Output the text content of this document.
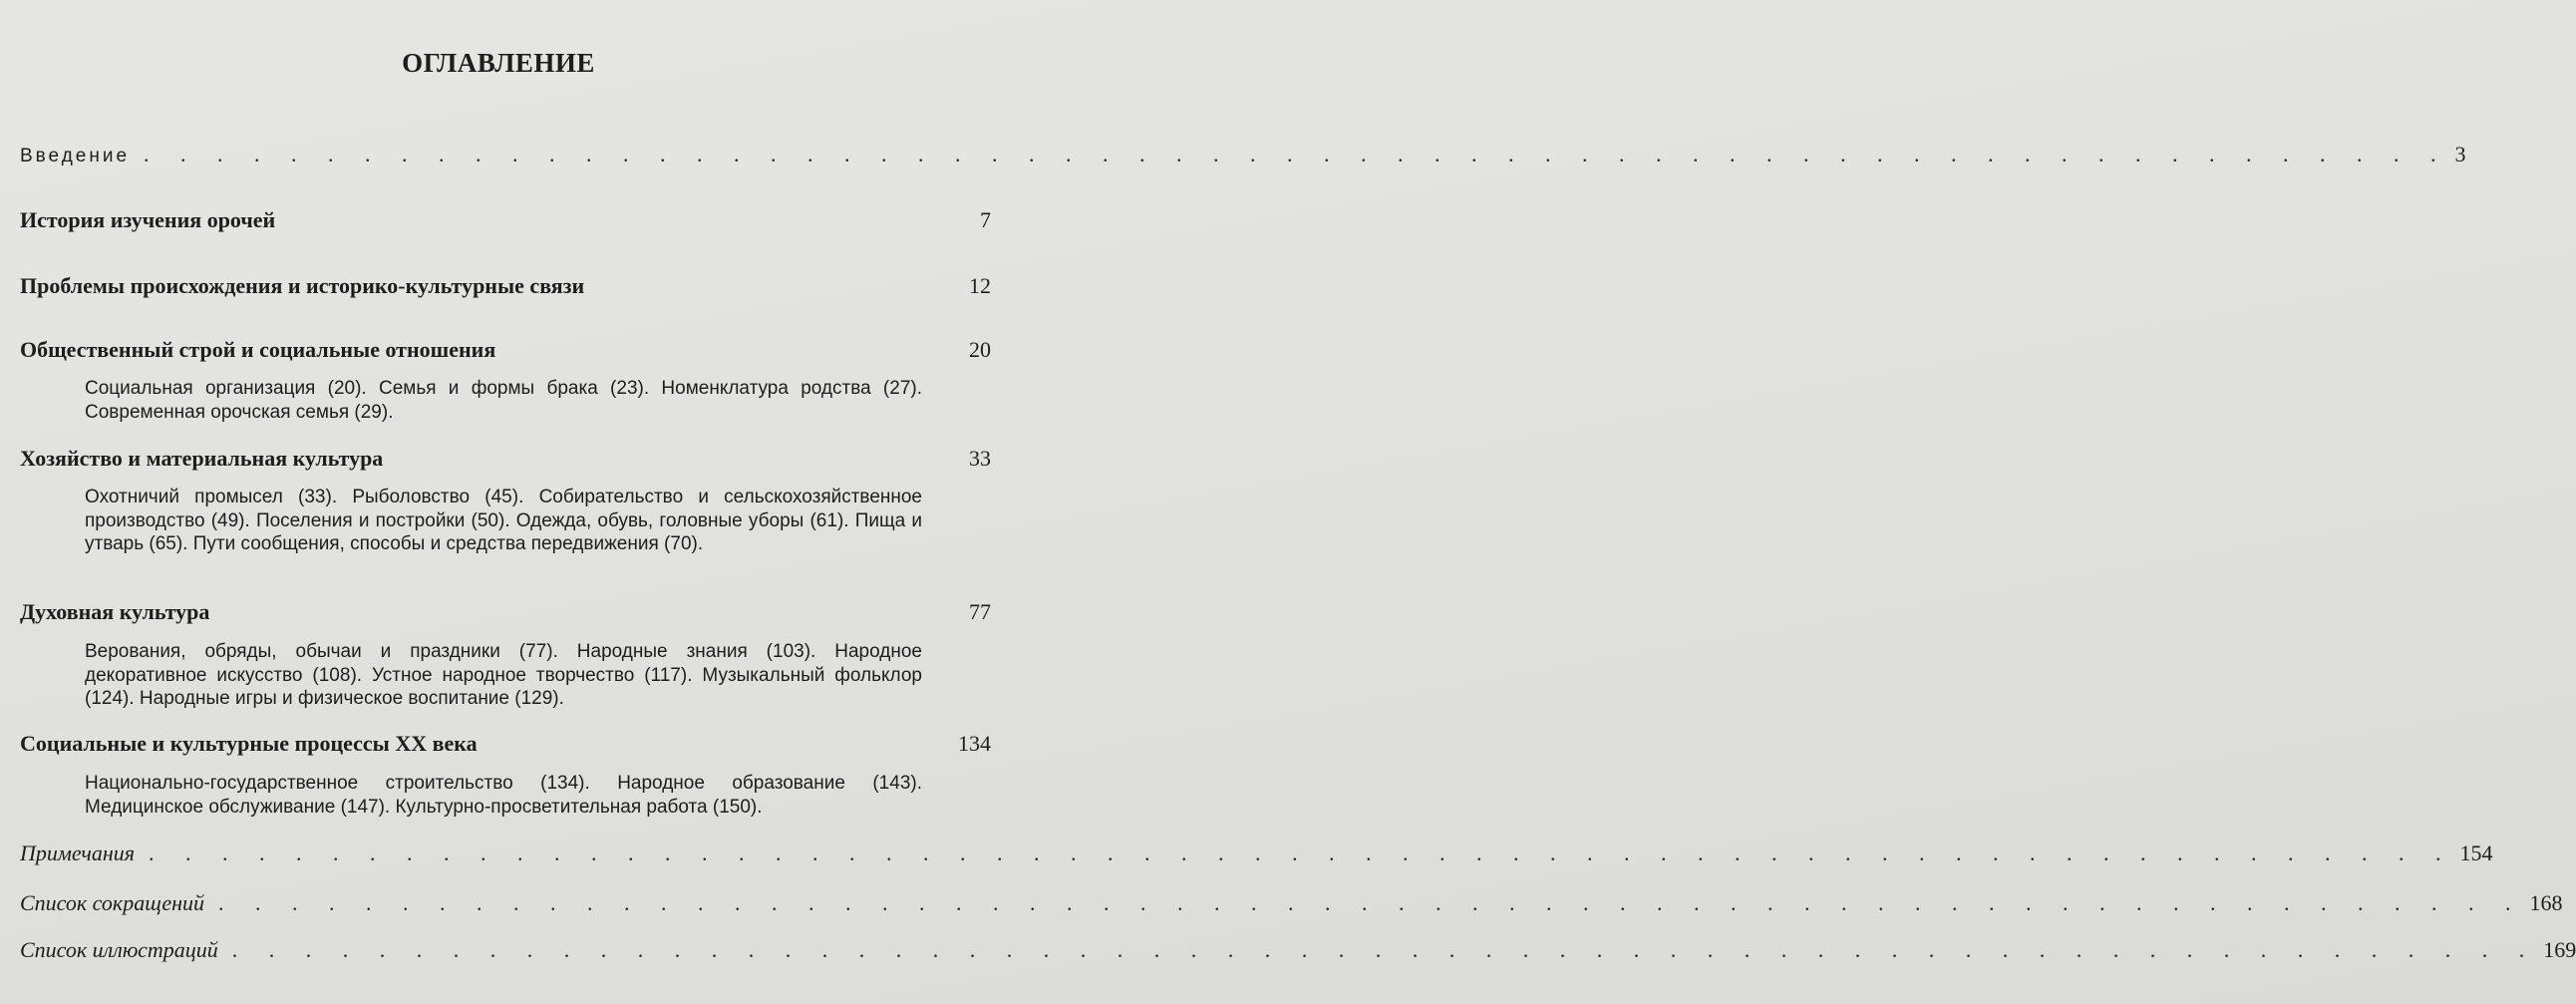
ОГЛАВЛЕНИЕ
Введение . . . . . . . . . . . . . . . . . . . . . . . . . . . . . . . . . . . . . . . . . . . . . . . . . . . . . . . . . . . . . . . 3
История изучения орочей	7
Проблемы происхождения и историко-культурные связи	12
Общественный строй и социальные отношения	20
Социальная организация (20). Семья и формы брака (23). Номенклатура родства (27). Современная орочская семья (29).
Хозяйство и материальная культура	33
Охотничий промысел (33). Рыболовство (45). Собирательство и сельскохозяйственное производство (49). Поселения и постройки (50). Одежда, обувь, головные уборы (61). Пища и утварь (65). Пути сообщения, способы и средства передвижения (70).
Духовная культура	77
Верования, обряды, обычаи и праздники (77). Народные знания (103). Народное декоративное искусство (108). Устное народное творчество (117). Музыкальный фольклор (124). Народные игры и физическое воспитание (129).
Социальные и культурные процессы XX века	134
Национально-государственное строительство (134). Народное образование (143). Медицинское обслуживание (147). Культурно-просветительная работа (150).
Примечания . . . . . . . . . . . . . . . . . . . . . . . . . . . . . . . . . . . . . . . . . . . . . . . . . . . . . . . . . . . . . . . 154
Список сокращений . . . . . . . . . . . . . . . . . . . . . . . . . . . . . . . . . . . . . . . . . . . . . . . . . . . . . . . . . . . . . . . 168
Список иллюстраций . . . . . . . . . . . . . . . . . . . . . . . . . . . . . . . . . . . . . . . . . . . . . . . . . . . . . . . . . . . . . . . 169
